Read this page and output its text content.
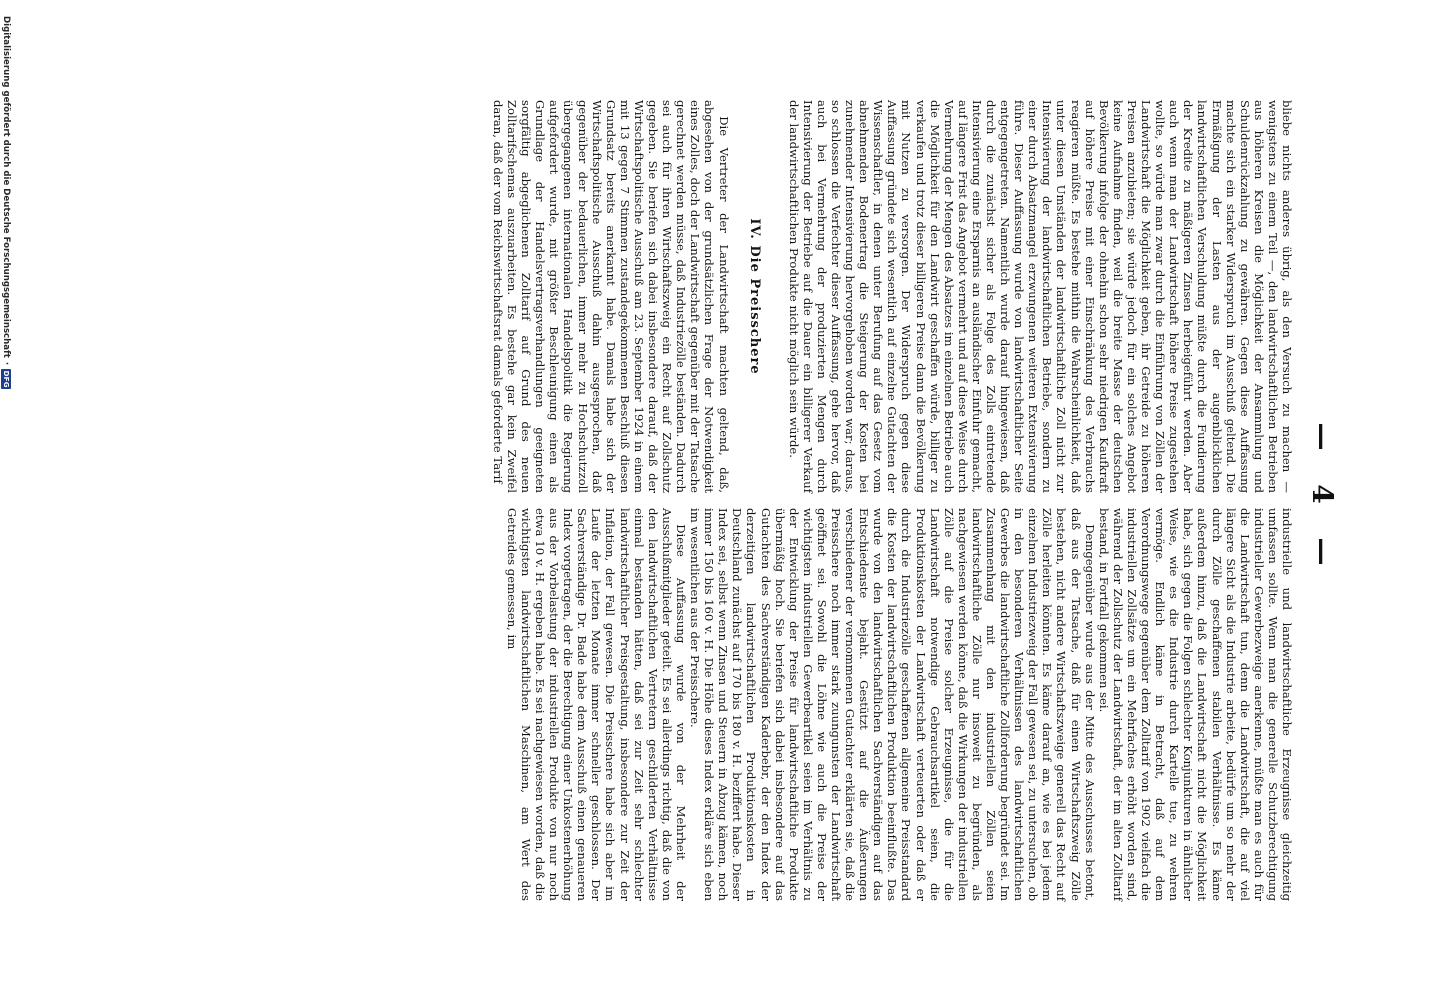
— 4 —

bliebe nichts anderes übrig, als den Versuch zu machen — wenigstens zu einem Teil —, den landwirtschaftlichen Betrieben aus höheren Kreisen die Möglichkeit der Ansammlung und Schuldenrückzahlung zu gewähren. Gegen diese Auffassung machte sich ein starker Widerspruch im Ausschuß geltend. Die Ermäßigung der Lasten aus der augenblicklichen landwirtschaftlichen Verschuldung müßte durch die Fundierung der Kredite zu mäßigeren Zinsen herbeigeführt werden. Aber auch wenn man der Landwirtschaft höhere Preise zugestehen wollte, so würde man zwar durch die Einführung von Zöllen der Landwirtschaft die Möglichkeit geben, ihr Getreide zu höheren Preisen anzubieten; sie würde jedoch für ein solches Angebot keine Aufnahme finden, weil die breite Masse der deutschen Bevölkerung infolge der ohnehin schon sehr niedrigen Kaufkraft auf höhere Preise mit einer Einschränkung des Verbrauchs reagieren müßte. Es bestehe mithin die Wahrscheinlichkeit, daß unter diesen Umständen der landwirtschaftliche Zoll nicht zur Intensivierung der landwirtschaftlichen Betriebe, sondern zu einer durch Absatzmangel erzwungenen weiteren Extensivierung führe. Dieser Auffassung wurde von landwirtschaftlicher Seite entgegengetreten. Namentlich wurde darauf hingewiesen, daß durch die zunächst sicher als Folge des Zolls eintretende Intensivierung eine Ersparnis an ausländischer Einfuhr gemacht, auf längere Frist das Angebot vermehrt und auf diese Weise durch Vermehrung der Mengen des Absatzes im einzelnen Betriebe auch die Möglichkeit für den Landwirt geschaffen würde, billiger zu verkaufen und trotz dieser billigeren Preise dann die Bevölkerung mit Nutzen zu versorgen. Der Widerspruch gegen diese Auffassung gründete sich wesentlich auf einzelne Gutachten der Wissenschaftler, in denen unter Berufung auf das Gesetz vom abnehmenden Bodenertrag die Steigerung der Kosten bei zunehmender Intensivierung hervorgehoben worden war; daraus, so schlossen die Verfechter dieser Auffassung, gehe hervor, daß auch bei Vermehrung der produzierten Mengen durch Intensivierung der Betriebe auf die Dauer ein billigerer Verkauf der landwirtschaftlichen Produkte nicht möglich sein würde.

IV. Die Preisschere

Die Vertreter der Landwirtschaft machten geltend, daß, abgesehen von der grundsätzlichen Frage der Notwendigkeit eines Zolles, doch der Landwirtschaft gegenüber mit der Tatsache gerechnet werden müsse, daß Industriezölle beständen. Dadurch sei auch für ihren Wirtschaftszweig ein Recht auf Zollschutz gegeben. Sie beriefen sich dabei insbesondere darauf, daß der Wirtschaftspolitische Ausschuß am 23. September 1924 in einem mit 13 gegen 7 Stimmen zustandegekommenen Beschluß diesen Grundsatz bereits anerkannt habe. Damals habe sich der Wirtschaftspolitische Ausschuß dahin ausgesprochen, daß gegenüber der bedauerlichen, immer mehr zu Hochschutzzoll übergegangenen internationalen Handelspolitik die Regierung aufgefordert wurde, mit größter Beschleunigung einen als Grundlage der Handelsvertragsverhandlungen geeigneten sorgfältig abgeglichenen Zolltarif auf Grund des neuen Zolltarifschemas auszuarbeiten. Es bestehe gar kein Zweifel daran, daß der vom Reichswirtschaftsrat damals geforderte Tarif

industrielle und landwirtschaftliche Erzeugnisse gleichzeitig umfassen sollte. Wenn man die generelle Schutzberechtigung industrieller Gewerbezweige anerkenne, müßte man es auch für die Landwirtschaft tun, denn die Landwirtschaft, die auf viel längere Sicht als die Industrie arbeite, bedürfe um so mehr der durch Zölle geschaffenen stabilen Verhältnisse. Es käme außerdem hinzu, daß die Landwirtschaft nicht die Möglichkeit habe, sich gegen die Folgen schlechter Konjunkturen in ähnlicher Weise, wie es die Industrie durch Kartelle tue, zu wehren vermöge. Endlich käme in Betracht, daß auf dem Verordnungswege gegenüber dem Zolltarif von 1902 vielfach die industriellen Zollsätze um ein Mehrfaches erhöht worden sind, während der Zollschutz der Landwirtschaft, der im alten Zolltarif bestand, in Fortfall gekommen sei.

Demgegenüber wurde aus der Mitte des Ausschusses betont, daß aus der Tatsache, daß für einen Wirtschaftszweig Zölle bestehen, nicht andere Wirtschaftszweige generell das Recht auf Zölle herleiten könnten. Es käme darauf an, wie es bei jedem einzelnen Industriezweig der Fall gewesen sei, zu untersuchen, ob in den besonderen Verhältnissen des landwirtschaftlichen Gewerbes die landwirtschaftliche Zollforderung begründet sei. Im Zusammenhang mit den industriellen Zöllen seien landwirtschaftliche Zölle nur insoweit zu begründen, als nachgewiesen werden könne, daß die Wirkungen der industriellen Zölle auf die Preise solcher Erzeugnisse, die für die Landwirtschaft notwendige Gebrauchsartikel seien, die Produktionskosten der Landwirtschaft verteuerten oder daß er durch die Industriezölle geschaffenen allgemeine Preisstandard die Kosten der landwirtschaftlichen Produktion beeinflußte. Das wurde von den landwirtschaftlichen Sachverständigen auf das Entschiedenste bejaht. Gestützt auf die Äußerungen verschiedener der vernommenen Gutachter erklärten sie, daß die Preisschere noch immer stark zuungunsten der Landwirtschaft geöffnet sei. Sowohl die Löhne wie auch die Preise der wichtigsten industriellen Gewerbeartikel seien im Verhältnis zu der Entwicklung der Preise für landwirtschaftliche Produkte übermäßig hoch. Sie beriefen sich dabei insbesondere auf das Gutachten des Sachverständigen Kaderbebr, der den Index der derzeitigen landwirtschaftlichen Produktionskosten in Deutschland zunächst auf 170 bis 180 v. H. beziffert habe. Dieser Index sei, selbst wenn Zinsen und Steuern in Abzug kämen, noch immer 150 bis 160 v. H. Die Höhe dieses Index erkläre sich eben im wesentlichen aus der Preisschere.

Diese Auffassung wurde von der Mehrheit der Ausschußmitglieder geteilt. Es sei allerdings richtig, daß die von den landwirtschaftlichen Vertretern geschilderten Verhältnisse einmal bestanden hätten, daß sei zur Zeit sehr schlechter landwirtschaftlicher Preisgestaltung, insbesondere zur Zeit der Inflation, der Fall gewesen. Die Preisschere habe sich aber im Laufe der letzten Monate immer schneller geschlossen. Der Sachverständige Dr. Bade habe dem Ausschuß einen genaueren Index vorgetragen, der die Berechtigung einer Unkostenerhöhung aus der Vorbelastung der industriellen Produkte von nur noch etwa 10 v. H. ergeben habe. Es sei nachgewiesen worden, daß die wichtigsten landwirtschaftlichen Maschinen, am Wert des Getreides gemessen, im

Digitalisierung gefördert durch die Deutsche Forschungsgemeinschaft
·
DFG
